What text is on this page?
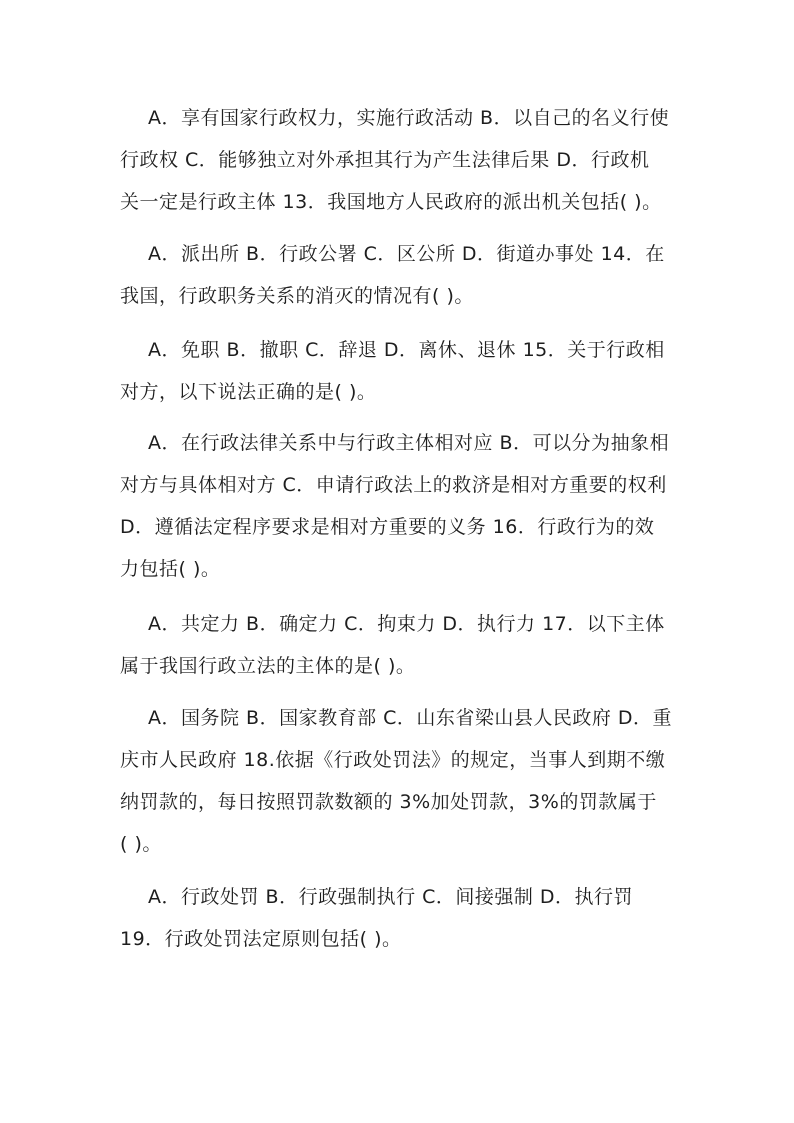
A．享有国家行政权力，实施行政活动 B．以自己的名义行使
行政权 C．能够独立对外承担其行为产生法律后果 D．行政机
关一定是行政主体 13．我国地方人民政府的派出机关包括( )。
A．派出所 B．行政公署 C．区公所 D．街道办事处 14．在
我国，行政职务关系的消灭的情况有( )。
A．免职 B．撤职 C．辞退 D．离休、退休 15．关于行政相
对方，以下说法正确的是( )。
A．在行政法律关系中与行政主体相对应 B．可以分为抽象相
对方与具体相对方 C．申请行政法上的救济是相对方重要的权利
D．遵循法定程序要求是相对方重要的义务 16．行政行为的效
力包括( )。
A．共定力 B．确定力 C．拘束力 D．执行力 17．以下主体
属于我国行政立法的主体的是( )。
A．国务院 B．国家教育部 C．山东省梁山县人民政府 D．重
庆市人民政府 18.依据《行政处罚法》的规定，当事人到期不缴
纳罚款的，每日按照罚款数额的 3%加处罚款，3%的罚款属于
( )。
A．行政处罚 B．行政强制执行 C．间接强制 D．执行罚
19．行政处罚法定原则包括( )。
